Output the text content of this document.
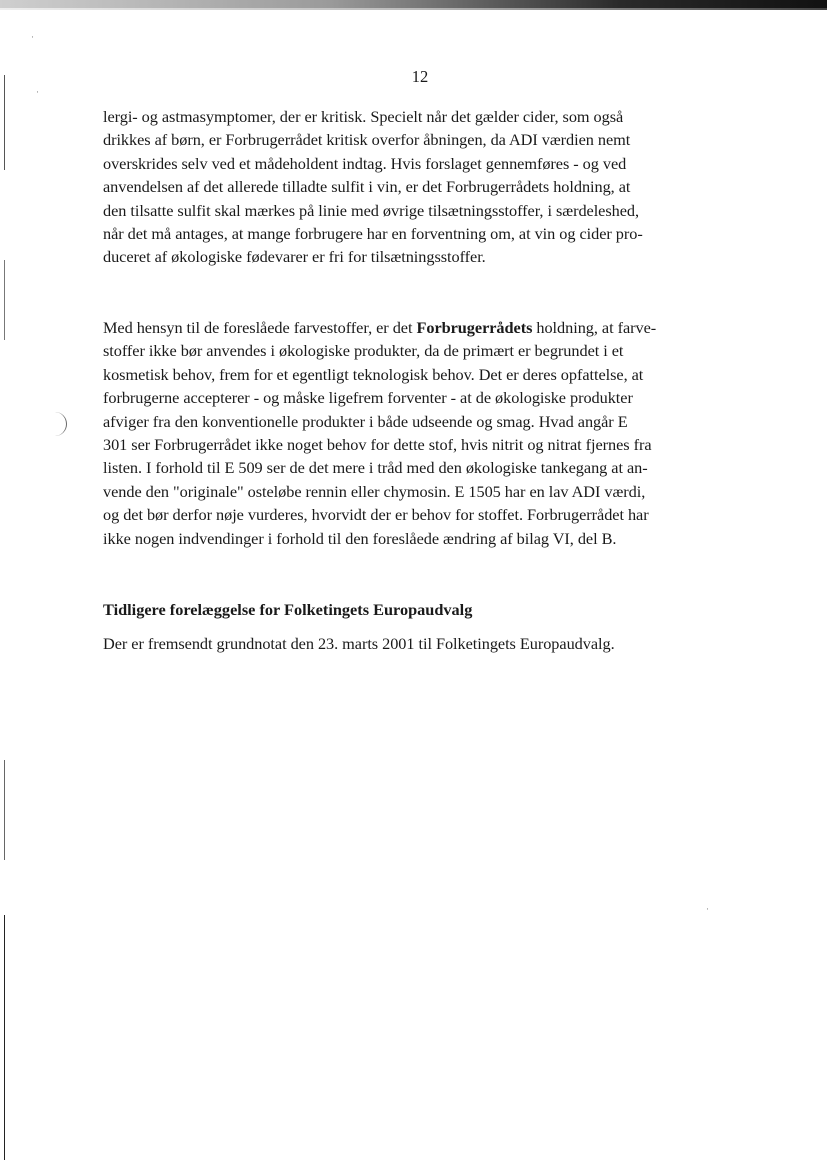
·
·
·
12

lergi- og astmasymptomer, der er kritisk. Specielt når det gælder cider, som også
drikkes af børn, er Forbrugerrådet kritisk overfor åbningen, da ADI værdien nemt
overskrides selv ved et mådeholdent indtag. Hvis forslaget gennemføres - og ved
anvendelsen af det allerede tilladte sulfit i vin, er det Forbrugerrådets holdning, at
den tilsatte sulfit skal mærkes på linie med øvrige tilsætningsstoffer, i særdeleshed,
når det må antages, at mange forbrugere har en forventning om, at vin og cider pro-
duceret af økologiske fødevarer er fri for tilsætningsstoffer.

Med hensyn til de foreslåede farvestoffer, er det Forbrugerrådets holdning, at farve-
stoffer ikke bør anvendes i økologiske produkter, da de primært er begrundet i et
kosmetisk behov, frem for et egentligt teknologisk behov. Det er deres opfattelse, at
forbrugerne accepterer - og måske ligefrem forventer - at de økologiske produkter
afviger fra den konventionelle produkter i både udseende og smag. Hvad angår E
301 ser Forbrugerrådet ikke noget behov for dette stof, hvis nitrit og nitrat fjernes fra
listen. I forhold til E 509 ser de det mere i tråd med den økologiske tankegang at an-
vende den "originale" osteløbe rennin eller chymosin. E 1505 har en lav ADI værdi,
og det bør derfor nøje vurderes, hvorvidt der er behov for stoffet. Forbrugerrådet har
ikke nogen indvendinger i forhold til den foreslåede ændring af bilag VI, del B.

Tidligere forelæggelse for Folketingets Europaudvalg

Der er fremsendt grundnotat den 23. marts 2001 til Folketingets Europaudvalg.
